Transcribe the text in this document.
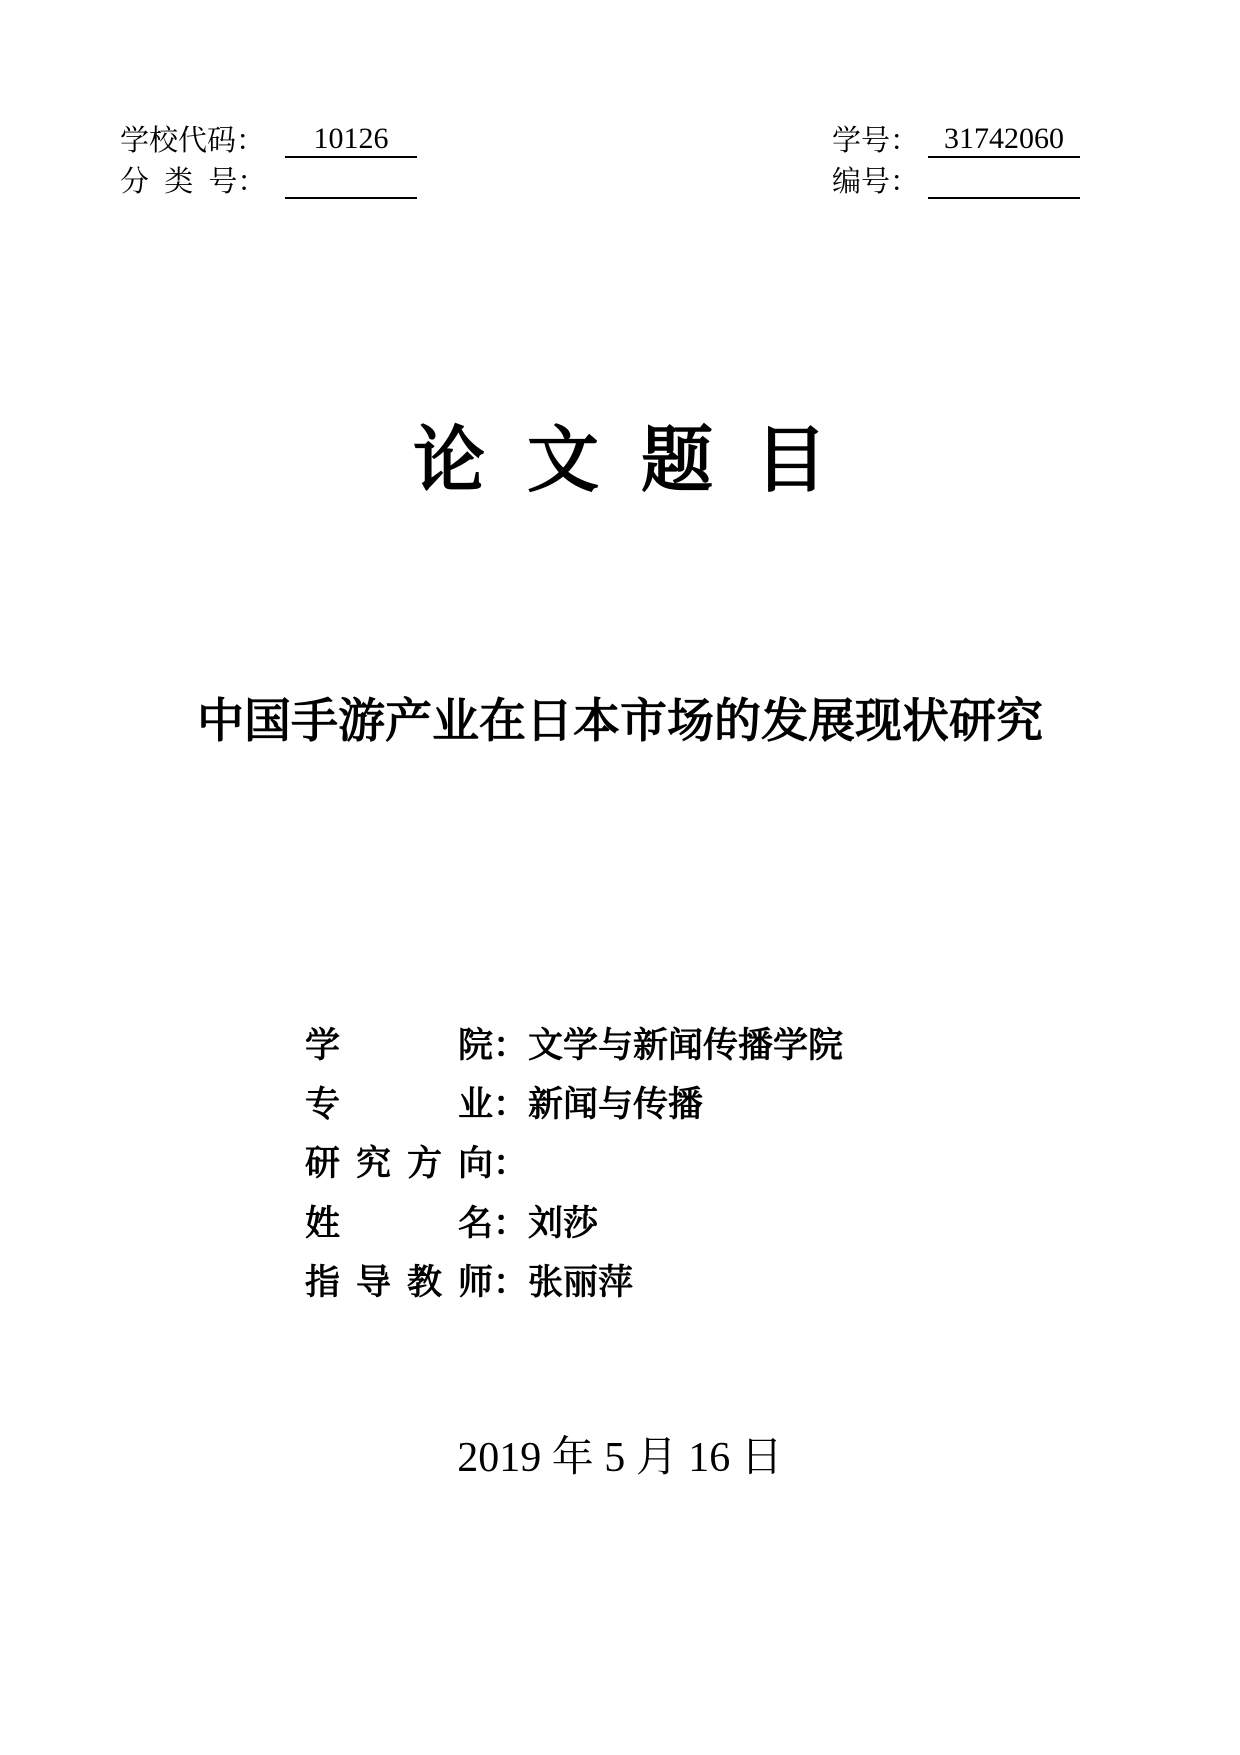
学校代码：	10126
分 类 号：
学号： 31742060
编号：
论文题目
中国手游产业在日本市场的发展现状研究
学院：文学与新闻传播学院
专业：新闻与传播
研究方向：
姓名：刘莎
指导教师：张丽萍
2019 年 5 月 16 日
